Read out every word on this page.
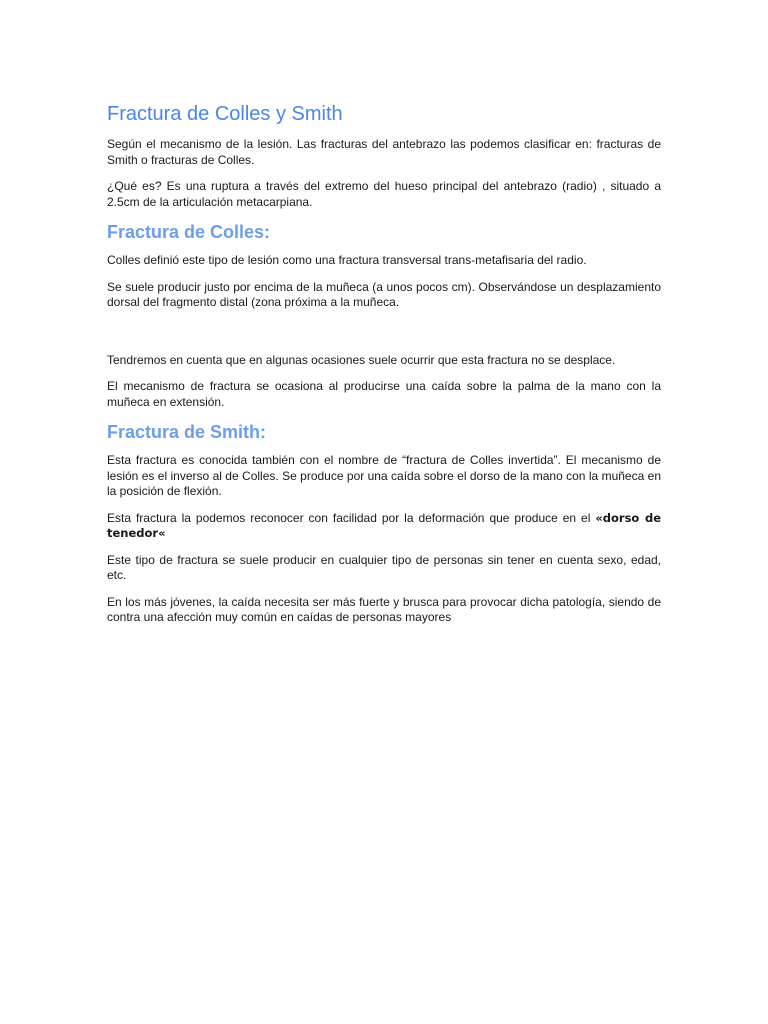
Fractura de Colles y Smith

Según el mecanismo de la lesión. Las fracturas del antebrazo las podemos clasificar en: fracturas de Smith o fracturas de Colles.

¿Qué es? Es una ruptura a través del extremo del hueso principal del antebrazo (radio) , situado a 2.5cm de la articulación metacarpiana.

Fractura de Colles:

Colles definió este tipo de lesión como una fractura transversal trans-metafisaria del radio.

Se suele producir justo por encima de la muñeca (a unos pocos cm). Observándose un desplazamiento dorsal del fragmento distal (zona próxima a la muñeca.

Tendremos en cuenta que en algunas ocasiones suele ocurrir que esta fractura no se desplace.

El mecanismo de fractura se ocasiona al producirse una caída sobre la palma de la mano con la muñeca en extensión.

Fractura de Smith:

Esta fractura es conocida también con el nombre de “fractura de Colles invertida”. El mecanismo de lesión es el inverso al de Colles. Se produce por una caída sobre el dorso de la mano con la muñeca en la posición de flexión.

Esta fractura la podemos reconocer con facilidad por la deformación que produce en el «dorso de tenedor«

Este tipo de fractura se suele producir en cualquier tipo de personas sin tener en cuenta sexo, edad, etc.

En los más jóvenes, la caída necesita ser más fuerte y brusca para provocar dicha patología, siendo de contra una afección muy común en caídas de personas mayores
